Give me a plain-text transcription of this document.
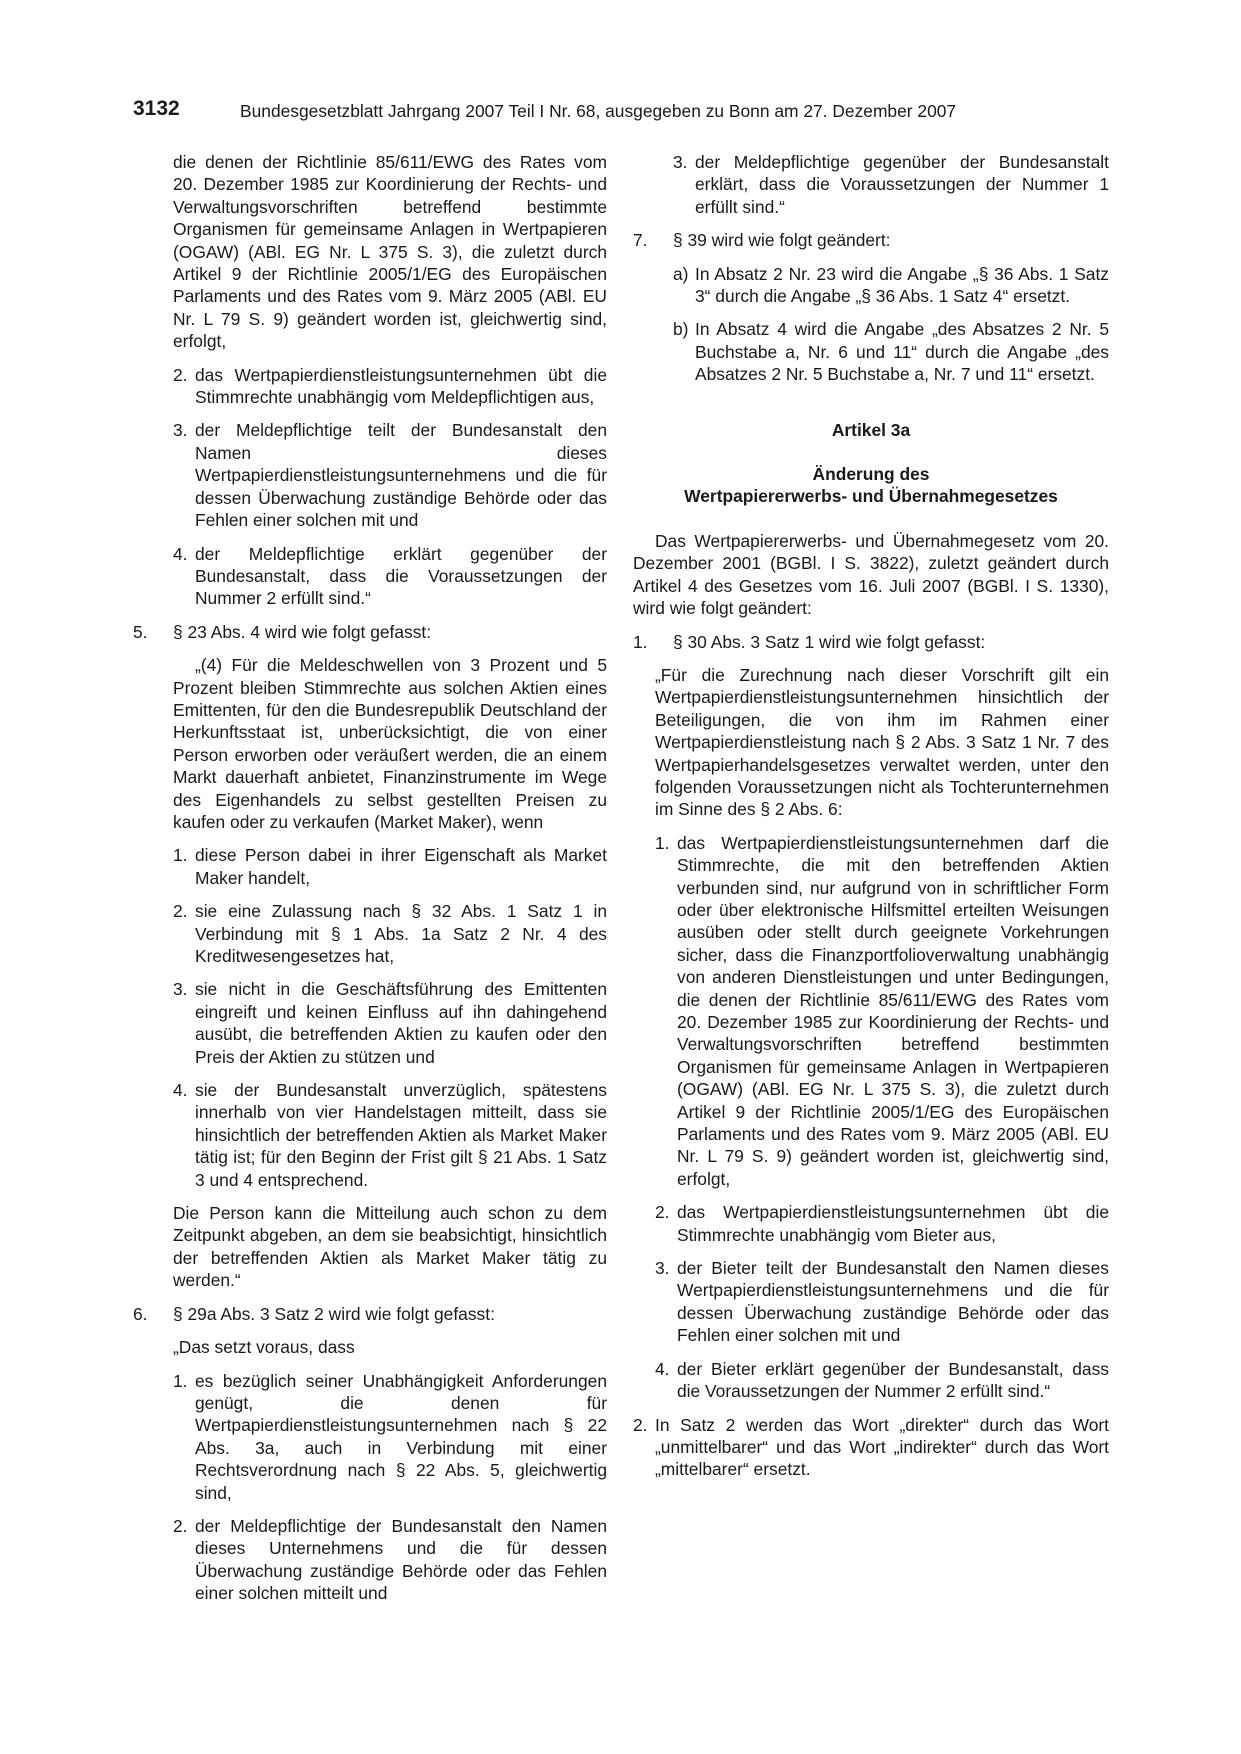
3132	Bundesgesetzblatt Jahrgang 2007 Teil I Nr. 68, ausgegeben zu Bonn am 27. Dezember 2007

die denen der Richtlinie 85/611/EWG des Rates vom 20. Dezember 1985 zur Koordinierung der Rechts- und Verwaltungsvorschriften betreffend bestimmte Organismen für gemeinsame Anlagen in Wertpapieren (OGAW) (ABl. EG Nr. L 375 S. 3), die zuletzt durch Artikel 9 der Richtlinie 2005/1/EG des Europäischen Parlaments und des Rates vom 9. März 2005 (ABl. EU Nr. L 79 S. 9) geändert worden ist, gleichwertig sind, erfolgt,

2. das Wertpapierdienstleistungsunternehmen übt die Stimmrechte unabhängig vom Meldepflichtigen aus,
3. der Meldepflichtige teilt der Bundesanstalt den Namen dieses Wertpapierdienstleistungsunternehmens und die für dessen Überwachung zuständige Behörde oder das Fehlen einer solchen mit und
4. der Meldepflichtige erklärt gegenüber der Bundesanstalt, dass die Voraussetzungen der Nummer 2 erfüllt sind.“
5.	§ 23 Abs. 4 wird wie folgt gefasst:

„(4) Für die Meldeschwellen von 3 Prozent und 5 Prozent bleiben Stimmrechte aus solchen Aktien eines Emittenten, für den die Bundesrepublik Deutschland der Herkunftsstaat ist, unberücksichtigt, die von einer Person erworben oder veräußert werden, die an einem Markt dauerhaft anbietet, Finanzinstrumente im Wege des Eigenhandels zu selbst gestellten Preisen zu kaufen oder zu verkaufen (Market Maker), wenn

1. diese Person dabei in ihrer Eigenschaft als Market Maker handelt,
2. sie eine Zulassung nach § 32 Abs. 1 Satz 1 in Verbindung mit § 1 Abs. 1a Satz 2 Nr. 4 des Kreditwesengesetzes hat,
3. sie nicht in die Geschäftsführung des Emittenten eingreift und keinen Einfluss auf ihn dahingehend ausübt, die betreffenden Aktien zu kaufen oder den Preis der Aktien zu stützen und
4. sie der Bundesanstalt unverzüglich, spätestens innerhalb von vier Handelstagen mitteilt, dass sie hinsichtlich der betreffenden Aktien als Market Maker tätig ist; für den Beginn der Frist gilt § 21 Abs. 1 Satz 3 und 4 entsprechend.

Die Person kann die Mitteilung auch schon zu dem Zeitpunkt abgeben, an dem sie beabsichtigt, hinsichtlich der betreffenden Aktien als Market Maker tätig zu werden.“

6.	§ 29a Abs. 3 Satz 2 wird wie folgt gefasst:

„Das setzt voraus, dass

1. es bezüglich seiner Unabhängigkeit Anforderungen genügt, die denen für Wertpapierdienstleistungsunternehmen nach § 22 Abs. 3a, auch in Verbindung mit einer Rechtsverordnung nach § 22 Abs. 5, gleichwertig sind,
2. der Meldepflichtige der Bundesanstalt den Namen dieses Unternehmens und die für dessen Überwachung zuständige Behörde oder das Fehlen einer solchen mitteilt und
3. der Meldepflichtige gegenüber der Bundesanstalt erklärt, dass die Voraussetzungen der Nummer 1 erfüllt sind.“
7.	§ 39 wird wie folgt geändert:
a) In Absatz 2 Nr. 23 wird die Angabe „§ 36 Abs. 1 Satz 3“ durch die Angabe „§ 36 Abs. 1 Satz 4“ ersetzt.
b) In Absatz 4 wird die Angabe „des Absatzes 2 Nr. 5 Buchstabe a, Nr. 6 und 11“ durch die Angabe „des Absatzes 2 Nr. 5 Buchstabe a, Nr. 7 und 11“ ersetzt.
Artikel 3a
Änderung des
Wertpapiererwerbs- und Übernahmegesetzes

Das Wertpapiererwerbs- und Übernahmegesetz vom 20. Dezember 2001 (BGBl. I S. 3822), zuletzt geändert durch Artikel 4 des Gesetzes vom 16. Juli 2007 (BGBl. I S. 1330), wird wie folgt geändert:

1.	§ 30 Abs. 3 Satz 1 wird wie folgt gefasst:

„Für die Zurechnung nach dieser Vorschrift gilt ein Wertpapierdienstleistungsunternehmen hinsichtlich der Beteiligungen, die von ihm im Rahmen einer Wertpapierdienstleistung nach § 2 Abs. 3 Satz 1 Nr. 7 des Wertpapierhandelsgesetzes verwaltet werden, unter den folgenden Voraussetzungen nicht als Tochterunternehmen im Sinne des § 2 Abs. 6:

1. das Wertpapierdienstleistungsunternehmen darf die Stimmrechte, die mit den betreffenden Aktien verbunden sind, nur aufgrund von in schriftlicher Form oder über elektronische Hilfsmittel erteilten Weisungen ausüben oder stellt durch geeignete Vorkehrungen sicher, dass die Finanzportfolioverwaltung unabhängig von anderen Dienstleistungen und unter Bedingungen, die denen der Richtlinie 85/611/EWG des Rates vom 20. Dezember 1985 zur Koordinierung der Rechts- und Verwaltungsvorschriften betreffend bestimmten Organismen für gemeinsame Anlagen in Wertpapieren (OGAW) (ABl. EG Nr. L 375 S. 3), die zuletzt durch Artikel 9 der Richtlinie 2005/1/EG des Europäischen Parlaments und des Rates vom 9. März 2005 (ABl. EU Nr. L 79 S. 9) geändert worden ist, gleichwertig sind, erfolgt,
2. das Wertpapierdienstleistungsunternehmen übt die Stimmrechte unabhängig vom Bieter aus,
3. der Bieter teilt der Bundesanstalt den Namen dieses Wertpapierdienstleistungsunternehmens und die für dessen Überwachung zuständige Behörde oder das Fehlen einer solchen mit und
4. der Bieter erklärt gegenüber der Bundesanstalt, dass die Voraussetzungen der Nummer 2 erfüllt sind.“
2. In Satz 2 werden das Wort „direkter“ durch das Wort „unmittelbarer“ und das Wort „indirekter“ durch das Wort „mittelbarer“ ersetzt.
